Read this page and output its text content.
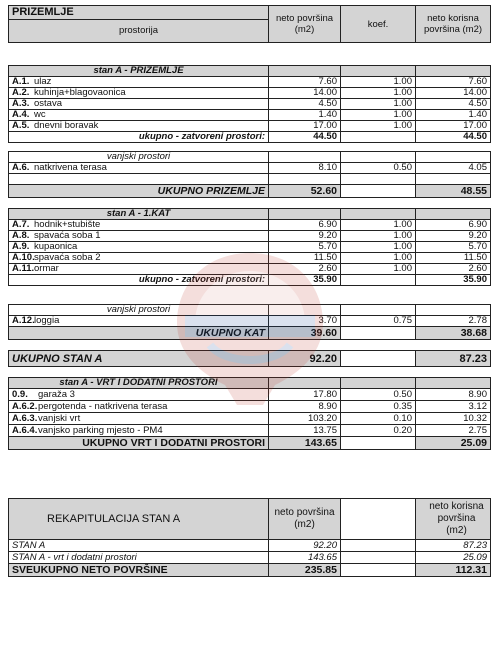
PRIZEMLJE
prostorija	neto površina (m2)	koef.	neto korisna površina (m2)

stan A - PRIZEMLJE			
A.1. ulaz	7.60	1.00	7.60
A.2. kuhinja+blagovaonica	14.00	1.00	14.00
A.3. ostava	4.50	1.00	4.50
A.4. wc	1.40	1.00	1.40
A.5. dnevni boravak	17.00	1.00	17.00
ukupno - zatvoreni prostori:	44.50		44.50

vanjski prostori			
A.6. natkrivena terasa	8.10	0.50	4.05

UKUPNO PRIZEMLJE	52.60		48.55

stan A - 1.KAT			
A.7. hodnik+stubište	6.90	1.00	6.90
A.8. spavaća soba 1	9.20	1.00	9.20
A.9. kupaonica	5.70	1.00	5.70
A.10.spavaća soba 2	11.50	1.00	11.50
A.11.ormar	2.60	1.00	2.60
ukupno - zatvoreni prostori:	35.90		35.90

vanjski prostori			
A.12.loggia	3.70	0.75	2.78
UKUPNO KAT	39.60		38.68

UKUPNO STAN A	92.20		87.23

stan A - VRT I DODATNI PROSTORI			
0.9. garaža 3	17.80	0.50	8.90
A.6.2.pergotenda - natkrivena terasa	8.90	0.35	3.12
A.6.3.vanjski vrt	103.20	0.10	10.32
A.6.4.vanjsko parking mjesto - PM4	13.75	0.20	2.75
UKUPNO VRT I DODATNI PROSTORI	143.65		25.09
REKAPITULACIJA STAN A	neto površina (m2)		neto korisna površina (m2)
STAN A	92.20		87.23
STAN A - vrt i dodatni prostori	143.65		25.09
SVEUKUPNO NETO POVRŠINE	235.85		112.31
